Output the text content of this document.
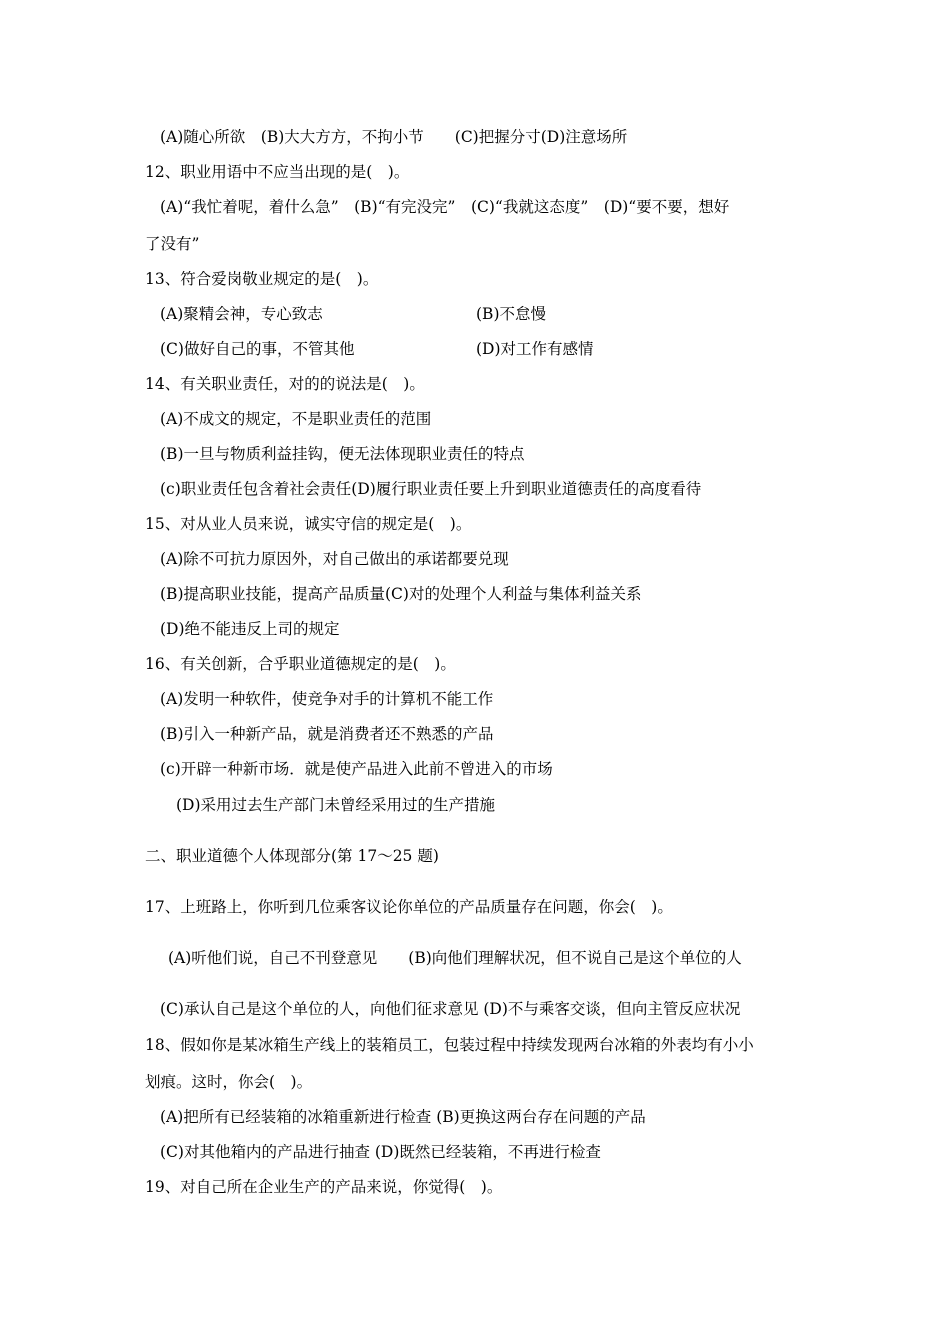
(A)随心所欲　(B)大大方方，不拘小节　　(C)把握分寸(D)注意场所
12、职业用语中不应当出现的是(　)。
(A)“我忙着呢，着什么急”　(B)“有完没完”　(C)“我就这态度”　(D)“要不要，想好
了没有”
13、符合爱岗敬业规定的是(　)。
(A)聚精会神，专心致志	(B)不怠慢
(C)做好自己的事，不管其他	(D)对工作有感情
14、有关职业责任，对的的说法是(　)。
(A)不成文的规定，不是职业责任的范围
(B)一旦与物质利益挂钩，便无法体现职业责任的特点
(c)职业责任包含着社会责任(D)履行职业责任要上升到职业道德责任的高度看待
15、对从业人员来说，诚实守信的规定是(　)。
(A)除不可抗力原因外，对自己做出的承诺都要兑现
(B)提高职业技能，提高产品质量(C)对的处理个人利益与集体利益关系
(D)绝不能违反上司的规定
16、有关创新，合乎职业道德规定的是(　)。
(A)发明一种软件，使竞争对手的计算机不能工作
(B)引入一种新产品，就是消费者还不熟悉的产品
(c)开辟一种新市场．就是使产品进入此前不曾进入的市场
(D)采用过去生产部门未曾经采用过的生产措施
二、职业道德个人体现部分(第 17～25 题)
17、上班路上，你听到几位乘客议论你单位的产品质量存在问题，你会(　)。
(A)听他们说，自己不刊登意见　　(B)向他们理解状况，但不说自己是这个单位的人
(C)承认自己是这个单位的人，向他们征求意见 (D)不与乘客交谈，但向主管反应状况
18、假如你是某冰箱生产线上的装箱员工，包装过程中持续发现两台冰箱的外表均有小小
划痕。这时，你会(　)。
(A)把所有已经装箱的冰箱重新进行检查 (B)更换这两台存在问题的产品
(C)对其他箱内的产品进行抽查 (D)既然已经装箱，不再进行检查
19、对自己所在企业生产的产品来说，你觉得(　)。
